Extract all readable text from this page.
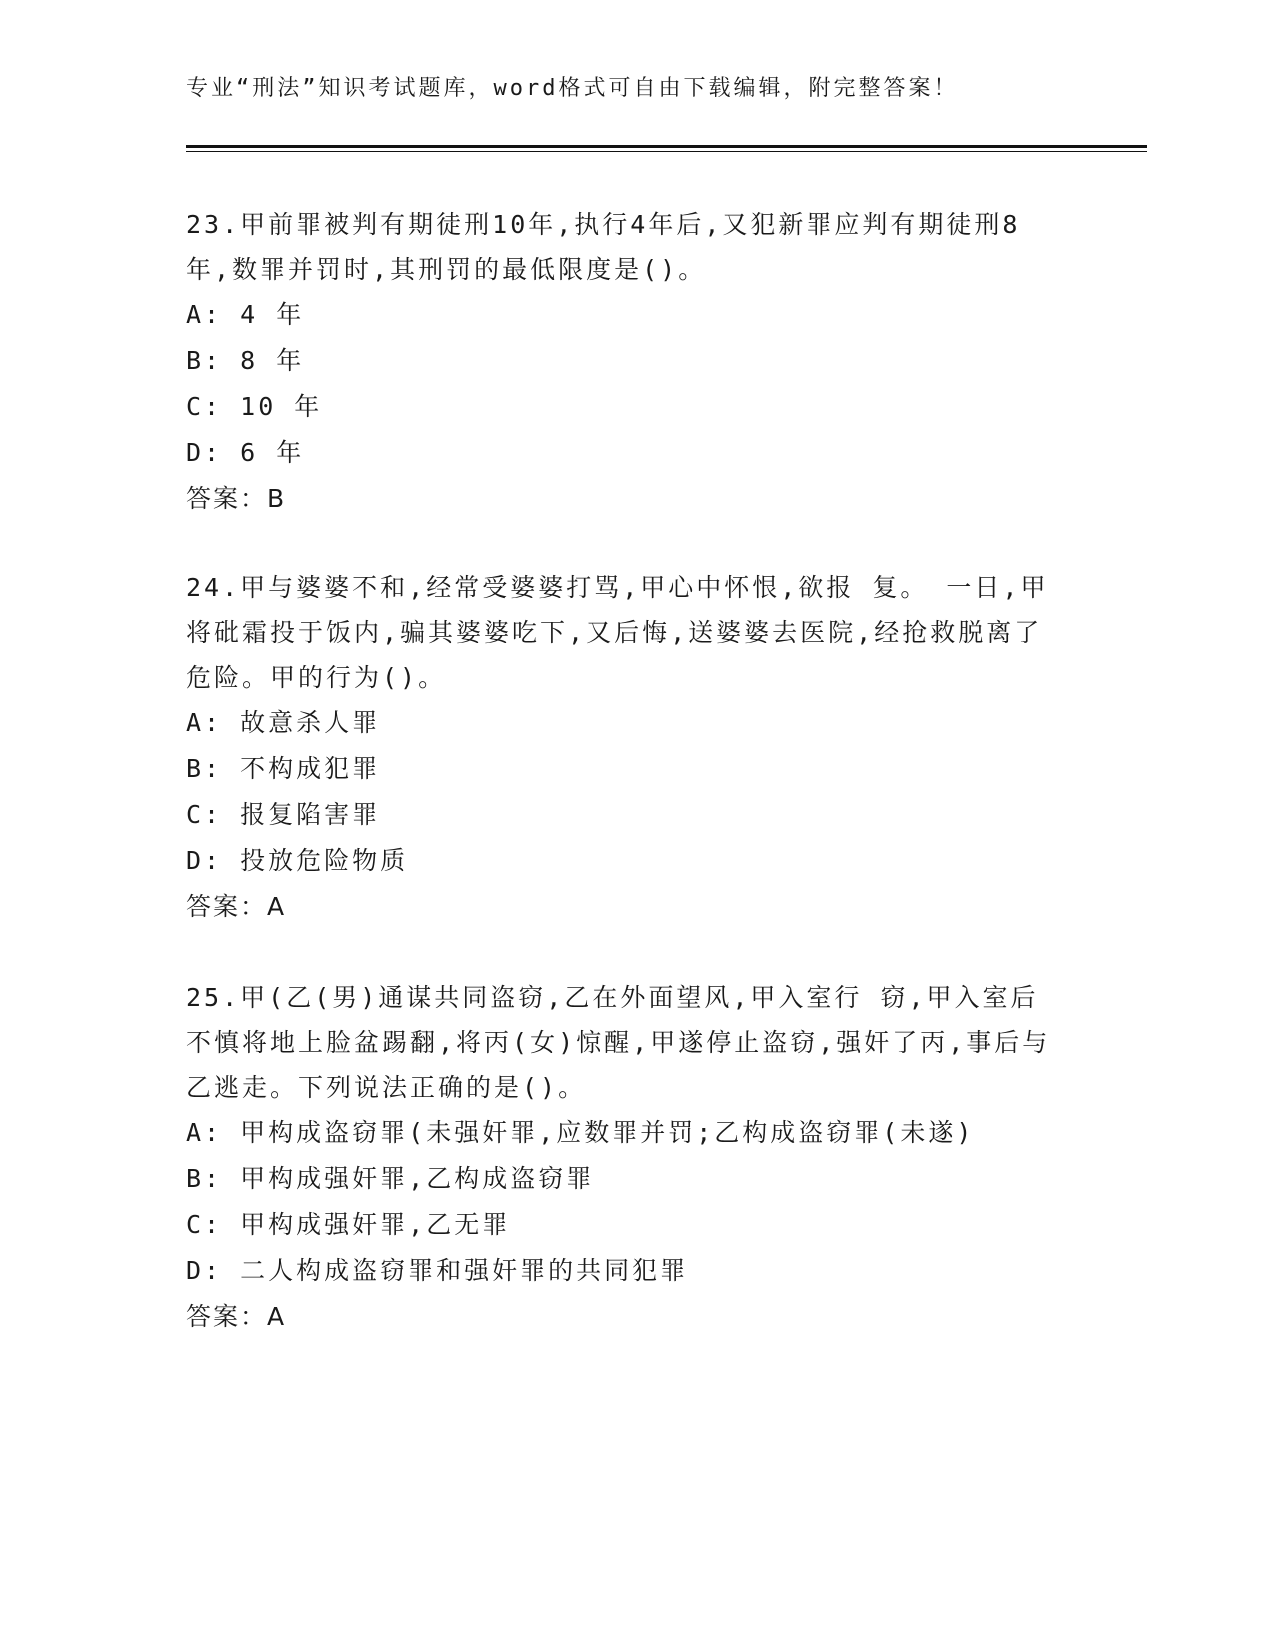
专业“刑法”知识考试题库，word格式可自由下载编辑，附完整答案！

23.甲前罪被判有期徒刑10年,执行4年后,又犯新罪应判有期徒刑8年,数罪并罚时,其刑罚的最低限度是()。

A: 4 年

B: 8 年

C: 10 年

D: 6 年

答案：B

24.甲与婆婆不和,经常受婆婆打骂,甲心中怀恨,欲报 复。 一日,甲将砒霜投于饭内,骗其婆婆吃下,又后悔,送婆婆去医院,经抢救脱离了危险。甲的行为()。

A: 故意杀人罪

B: 不构成犯罪

C: 报复陷害罪

D: 投放危险物质

答案：A

25.甲(乙(男)通谋共同盗窃,乙在外面望风,甲入室行 窃,甲入室后不慎将地上脸盆踢翻,将丙(女)惊醒,甲遂停止盗窃,强奸了丙,事后与乙逃走。下列说法正确的是()。

A: 甲构成盗窃罪(未强奸罪,应数罪并罚;乙构成盗窃罪(未遂)

B: 甲构成强奸罪,乙构成盗窃罪

C: 甲构成强奸罪,乙无罪

D: 二人构成盗窃罪和强奸罪的共同犯罪

答案：A
